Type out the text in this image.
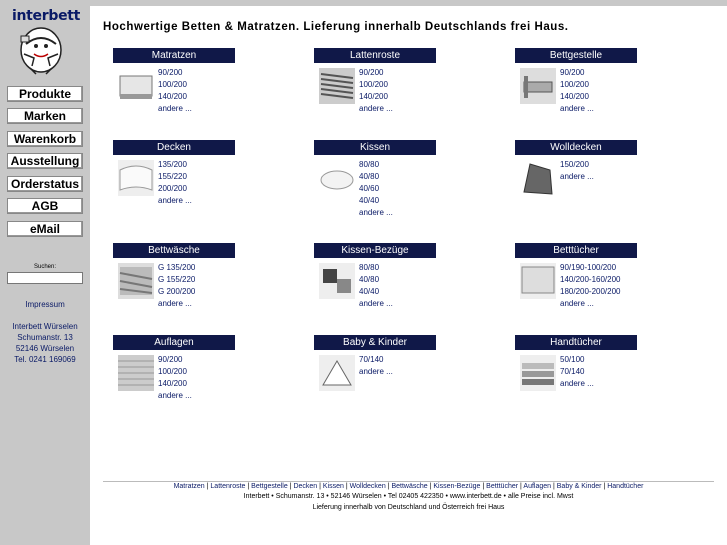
interbett
Produkte
Marken
Warenkorb
Ausstellung
Orderstatus
AGB
eMail
Suchen:
Impressum
Interbett Würselen
Schumanstr. 13
52146 Würselen
Tel. 0241 169069
Hochwertige Betten & Matratzen. Lieferung innerhalb Deutschlands frei Haus.
Matratzen
90/200
100/200
140/200
andere ...
Lattenroste
90/200
100/200
140/200
andere ...
Bettgestelle
90/200
100/200
140/200
andere ...
Decken
135/200
155/220
200/200
andere ...
Kissen
80/80
40/80
40/60
40/40
andere ...
Wolldecken
150/200
andere ...
Bettwäsche
G 135/200
G 155/220
G 200/200
andere ...
Kissen-Bezüge
80/80
40/80
40/40
andere ...
Betttücher
90/190-100/200
140/200-160/200
180/200-200/200
andere ...
Auflagen
90/200
100/200
140/200
andere ...
Baby & Kinder
70/140
andere ...
Handtücher
50/100
70/140
andere ...
Matratzen | Lattenroste | Bettgestelle | Decken | Kissen | Wolldecken | Bettwäsche | Kissen-Bezüge | Betttücher | Auflagen | Baby & Kinder | Handtücher
Interbett • Schumanstr. 13 • 52146 Würselen • Tel 02405 422350 • www.interbett.de • alle Preise incl. Mwst
Lieferung innerhalb von Deutschland und Österreich frei Haus
